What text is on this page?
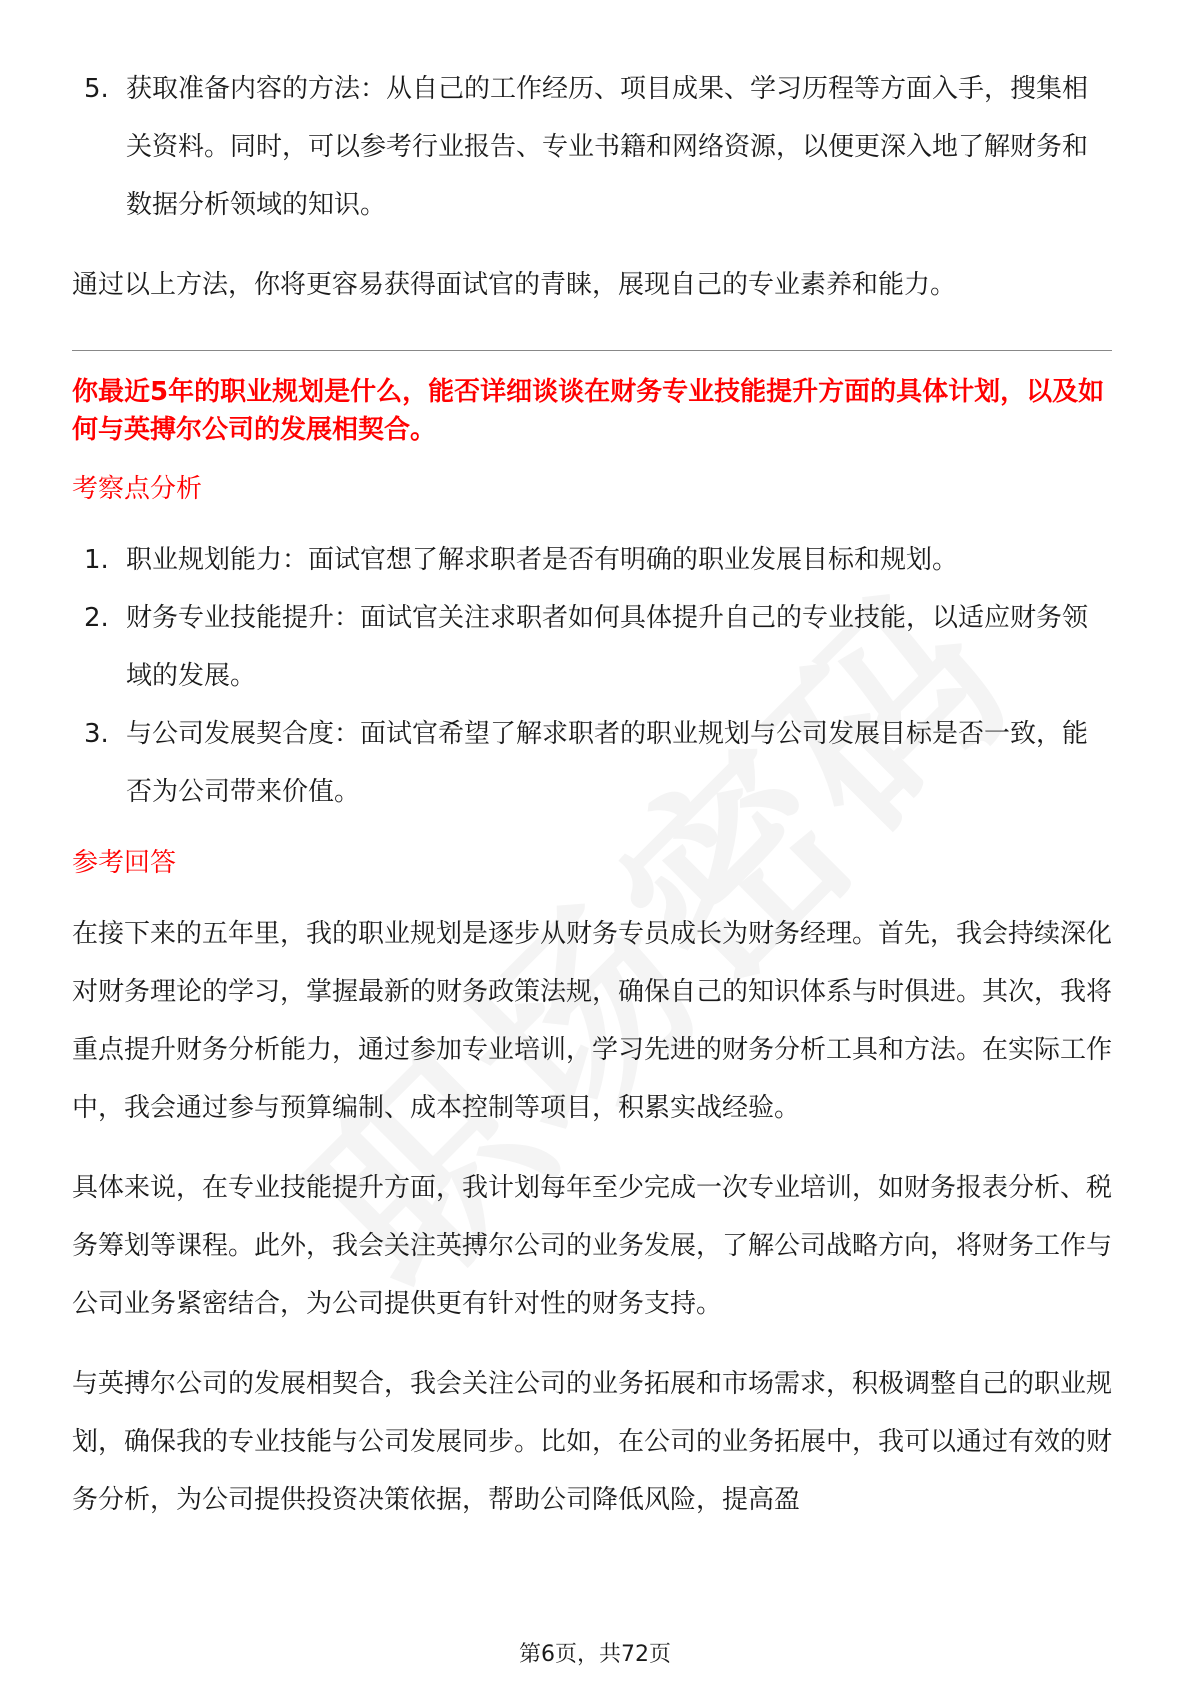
5. 获取准备内容的方法：从自己的工作经历、项目成果、学习历程等方面入手，搜集相关资料。同时，可以参考行业报告、专业书籍和网络资源，以便更深入地了解财务和数据分析领域的知识。

通过以上方法，你将更容易获得面试官的青睐，展现自己的专业素养和能力。

你最近5年的职业规划是什么，能否详细谈谈在财务专业技能提升方面的具体计划，以及如何与英搏尔公司的发展相契合。

考察点分析

1. 职业规划能力：面试官想了解求职者是否有明确的职业发展目标和规划。
2. 财务专业技能提升：面试官关注求职者如何具体提升自己的专业技能，以适应财务领域的发展。
3. 与公司发展契合度：面试官希望了解求职者的职业规划与公司发展目标是否一致，能否为公司带来价值。

参考回答

在接下来的五年里，我的职业规划是逐步从财务专员成长为财务经理。首先，我会持续深化对财务理论的学习，掌握最新的财务政策法规，确保自己的知识体系与时俱进。其次，我将重点提升财务分析能力，通过参加专业培训，学习先进的财务分析工具和方法。在实际工作中，我会通过参与预算编制、成本控制等项目，积累实战经验。

具体来说，在专业技能提升方面，我计划每年至少完成一次专业培训，如财务报表分析、税务筹划等课程。此外，我会关注英搏尔公司的业务发展，了解公司战略方向，将财务工作与公司业务紧密结合，为公司提供更有针对性的财务支持。

与英搏尔公司的发展相契合，我会关注公司的业务拓展和市场需求，积极调整自己的职业规划，确保我的专业技能与公司发展同步。比如，在公司的业务拓展中，我可以通过有效的财务分析，为公司提供投资决策依据，帮助公司降低风险，提高盈

第6页，共72页
